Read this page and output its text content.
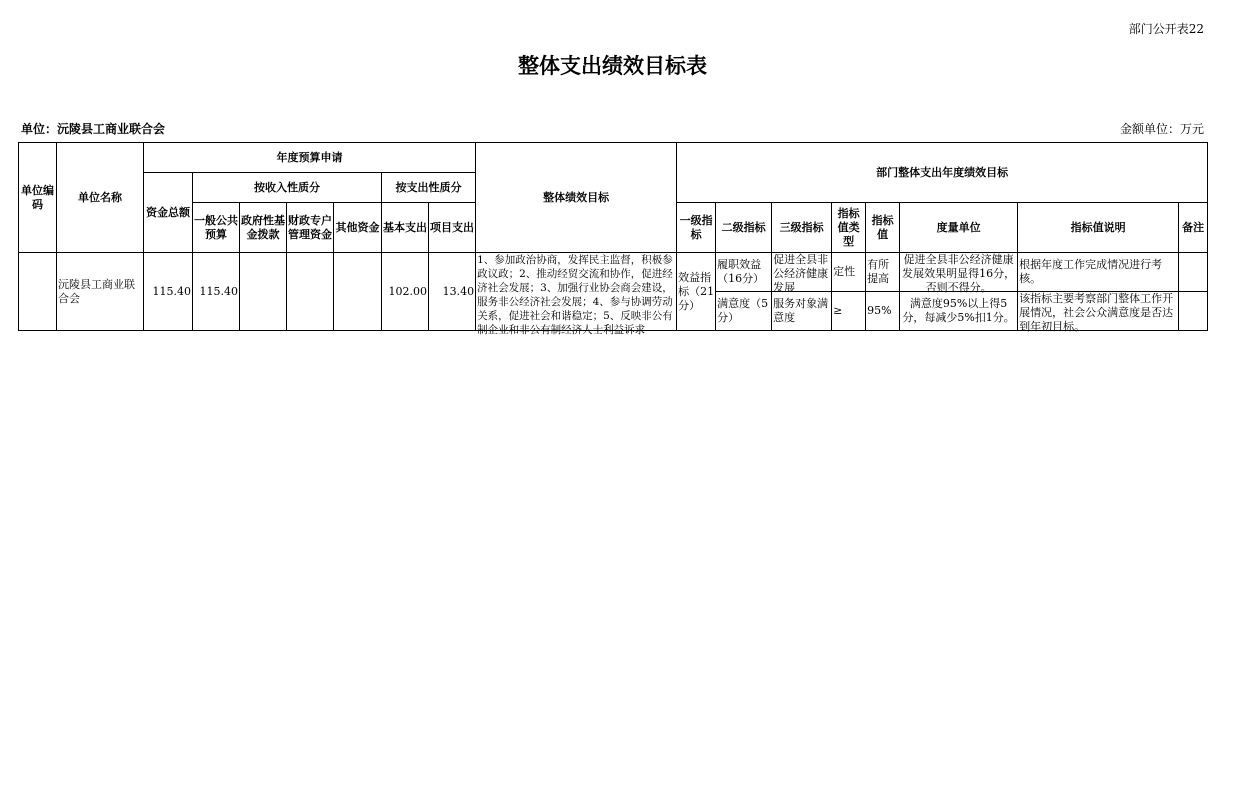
部门公开表22
整体支出绩效目标表
单位：沅陵县工商业联合会	金额单位：万元
单位编码	单位名称	年度预算申请							整体绩效目标	部门整体支出年度绩效目标							
		资金总额	按收入性质分				按支出性质分										
			一般公共预算	政府性基金拨款	财政专户管理资金	其他资金	基本支出	项目支出		一级指标	二级指标	三级指标	指标值类型	指标值	度量单位	指标值说明	备注
	沅陵县工商业联合会	115.40	115.40				102.00	13.40	1、参加政治协商，发挥民主监督，积极参政议政；2、推动经贸交流和协作，促进经济社会发展；3、加强行业协会商会建设，服务非公经济社会发展；4、参与协调劳动关系，促进社会和谐稳定；5、反映非公有制企业和非公有制经济人士利益诉求	效益指标（21分）	履职效益（16分）	促进全县非公经济健康发展	定性	有所提高	促进全县非公经济健康发展效果明显得16分，否则不得分。	根据年度工作完成情况进行考核。	

											满意度（5分）	服务对象满意度	≥	95%	满意度95%以上得5分，每减少5%扣1分。	该指标主要考察部门整体工作开展情况，社会公众满意度是否达到年初目标。	
